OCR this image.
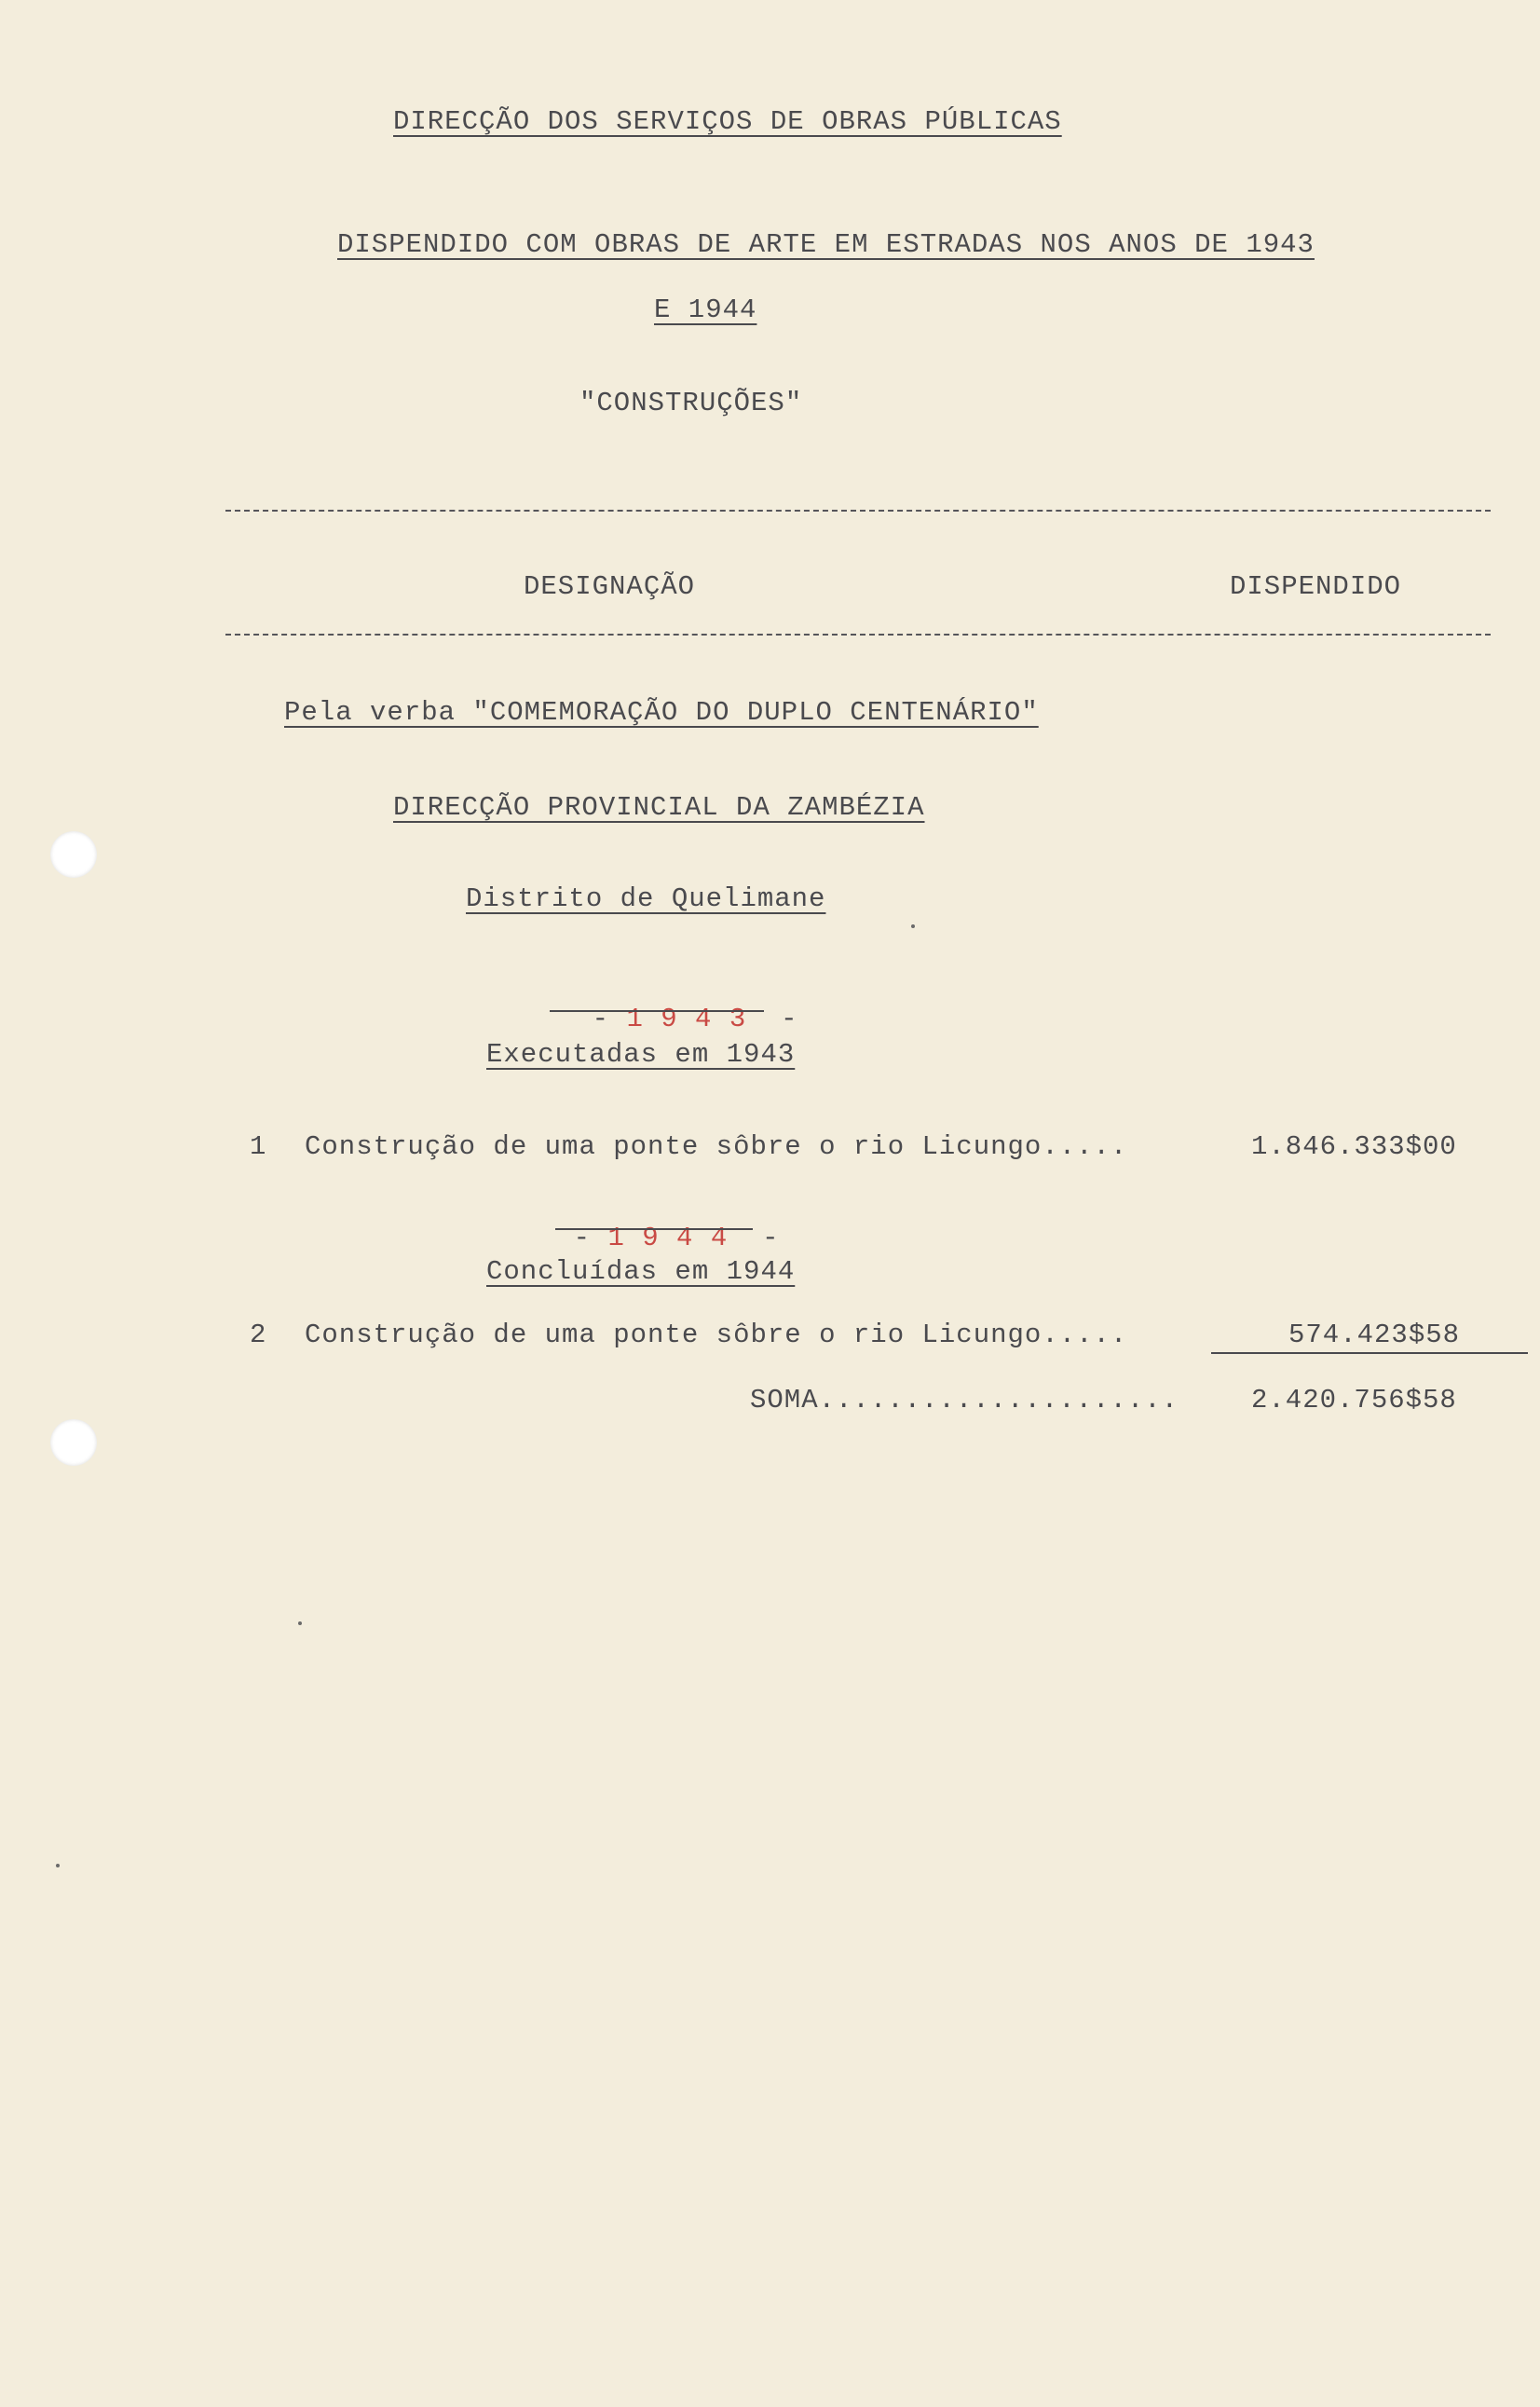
DIRECÇÃO DOS SERVIÇOS DE OBRAS PÚBLICAS
DISPENDIDO COM OBRAS DE ARTE EM ESTRADAS NOS ANOS DE 1943
E 1944
"CONSTRUÇÕES"
DESIGNAÇÃO	DISPENDIDO
Pela verba "COMEMORAÇÃO DO DUPLO CENTENÁRIO"
DIRECÇÃO PROVINCIAL DA ZAMBÉZIA
Distrito de Quelimane

- 1 9 4 3  -

Executadas em 1943
1 Construção de uma ponte sôbre o rio Licungo.....	1.846.333$00

- 1 9 4 4  -

Concluídas em 1944
2 Construção de uma ponte sôbre o rio Licungo.....	574.423$58
SOMA.....................	2.420.756$58
